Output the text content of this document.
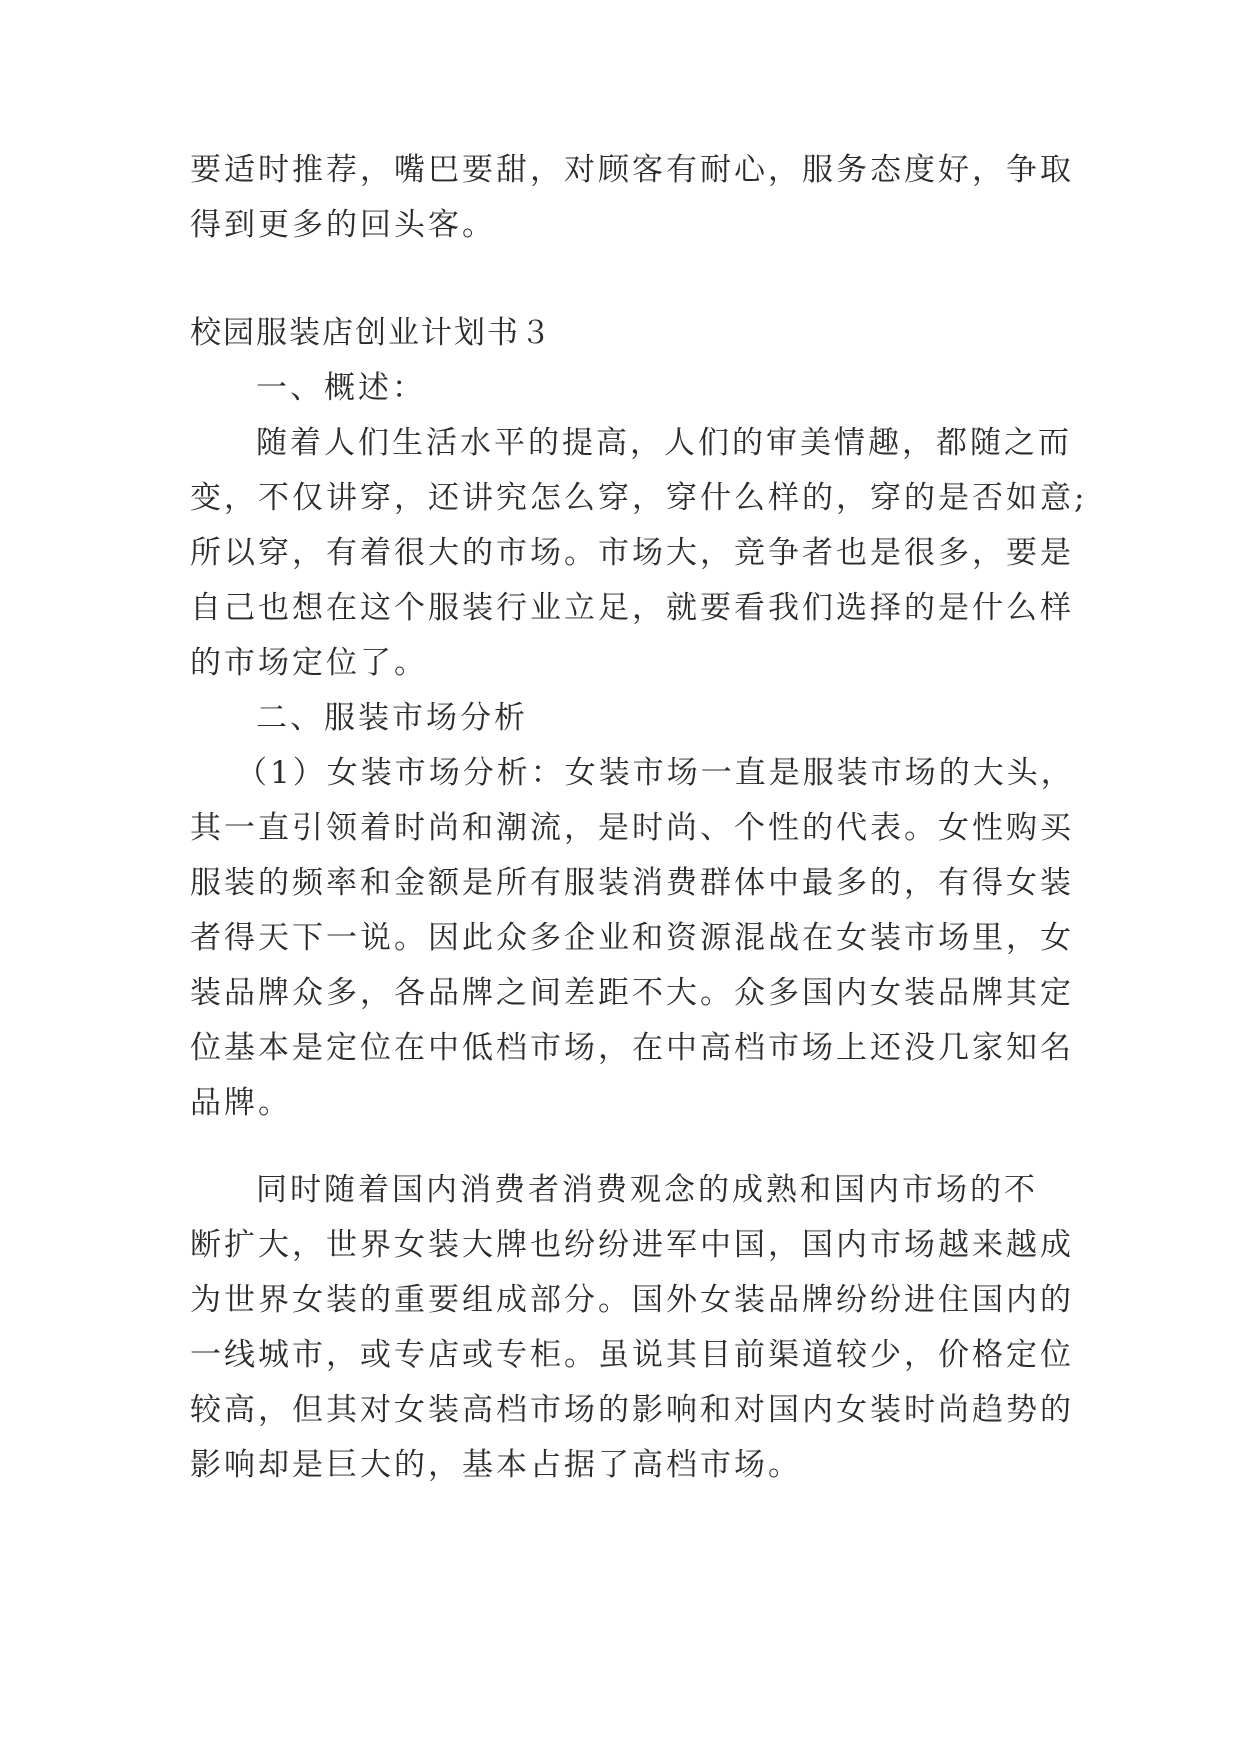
要适时推荐，嘴巴要甜，对顾客有耐心，服务态度好，争取
得到更多的回头客。
校园服装店创业计划书３
一、概述：
随着人们生活水平的提高，人们的审美情趣，都随之而
变，不仅讲穿，还讲究怎么穿，穿什么样的，穿的是否如意;
所以穿，有着很大的市场。市场大，竞争者也是很多，要是
自己也想在这个服装行业立足，就要看我们选择的是什么样
的市场定位了。
二、服装市场分析
（1）女装市场分析：女装市场一直是服装市场的大头，
其一直引领着时尚和潮流，是时尚、个性的代表。女性购买
服装的频率和金额是所有服装消费群体中最多的，有得女装
者得天下一说。因此众多企业和资源混战在女装市场里，女
装品牌众多，各品牌之间差距不大。众多国内女装品牌其定
位基本是定位在中低档市场，在中高档市场上还没几家知名
品牌。
同时随着国内消费者消费观念的成熟和国内市场的不
断扩大，世界女装大牌也纷纷进军中国，国内市场越来越成
为世界女装的重要组成部分。国外女装品牌纷纷进住国内的
一线城市，或专店或专柜。虽说其目前渠道较少，价格定位
较高，但其对女装高档市场的影响和对国内女装时尚趋势的
影响却是巨大的，基本占据了高档市场。
